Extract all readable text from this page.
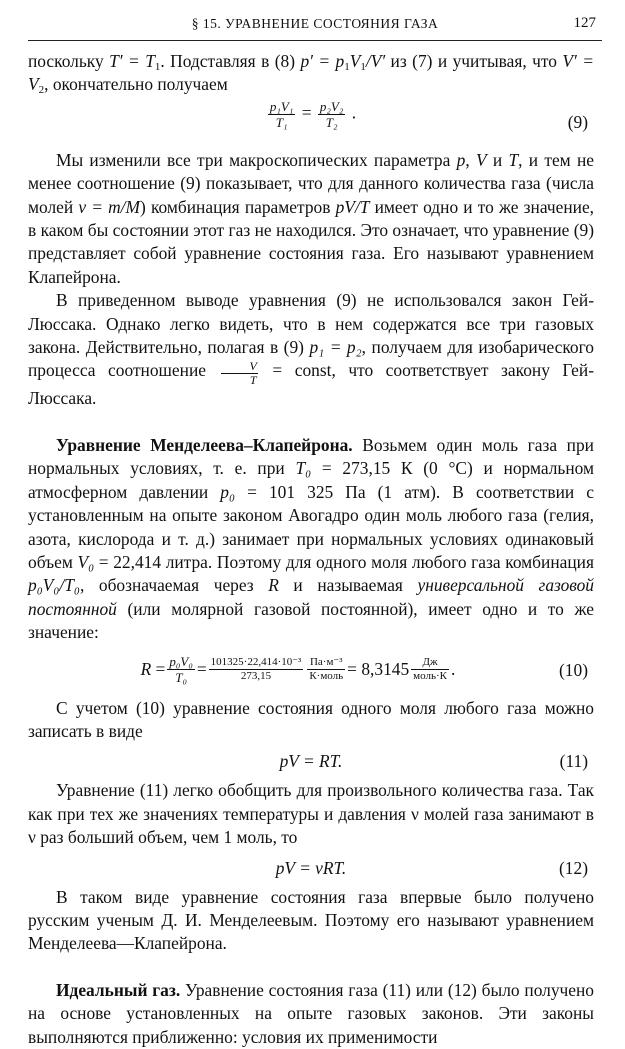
§ 15. УРАВНЕНИЕ СОСТОЯНИЯ ГАЗА	127

поскольку $T' = T_1$. Подставляя в (8) $p' = p_1V_1/V'$ из (7) и учитывая, что $V' = V_2$, окончательно получаем

$\frac{\text{p₁V₁}}{\text{T₁}} = \frac{\text{p₂V₂}}{\text{T₂}}$ .	(9)

Мы изменили все три макроскопических параметра p, V и T, и тем не менее соотношение (9) показывает, что для данного количества газа (числа молей ν = m/M) комбинация параметров pV/T имеет одно и то же значение, в каком бы состоянии этот газ не находился. Это означает, что уравнение (9) представляет собой уравнение состояния газа. Его называют уравнением Клапейрона.

В приведенном выводе уравнения (9) не использовался закон Гей-Люссака. Однако легко видеть, что в нем содержатся все три газовых закона. Действительно, полагая в (9) p₁ = p₂, получаем для изобарического процесса соотношение $\frac{V}{T}$ = const, что соответствует закону Гей-Люссака.

Уравнение Менделеева–Клапейрона. Возьмем один моль газа при нормальных условиях, т. е. при T₀ = 273,15 К (0 °С) и нормальном атмосферном давлении p₀ = 101 325 Па (1 атм). В соответствии с установленным на опыте законом Авогадро один моль любого газа (гелия, азота, кислорода и т. д.) занимает при нормальных условиях одинаковый объем V₀ = 22,414 литра. Поэтому для одного моля любого газа комбинация p₀V₀/T₀, обозначаемая через R и называемая универсальной газовой постоянной (или молярной газовой постоянной), имеет одно и то же значение:

R
= $\frac{\text{p₀V₀}}{\text{T₀}} = \frac{\text{101325·22,414·10⁻³}}{273,15} \frac{\text{Па·м⁻³}}{\text{К·моль}} = 8,3145 \frac{Дж}{\text{моль·К}}$ .
	(10)

С учетом (10) уравнение состояния одного моля любого газа можно записать в виде

pV = RT.	(11)

Уравнение (11) легко обобщить для произвольного количества газа. Так как при тех же значениях температуры и давления ν молей газа занимают в ν раз больший объем, чем 1 моль, то

pV = νRT.	(12)

В таком виде уравнение состояния газа впервые было получено русским ученым Д. И. Менделеевым. Поэтому его называют уравнением Менделеева—Клапейрона.

Идеальный газ. Уравнение состояния газа (11) или (12) было получено на основе установленных на опыте газовых законов. Эти законы выполняются приближенно: условия их применимости
